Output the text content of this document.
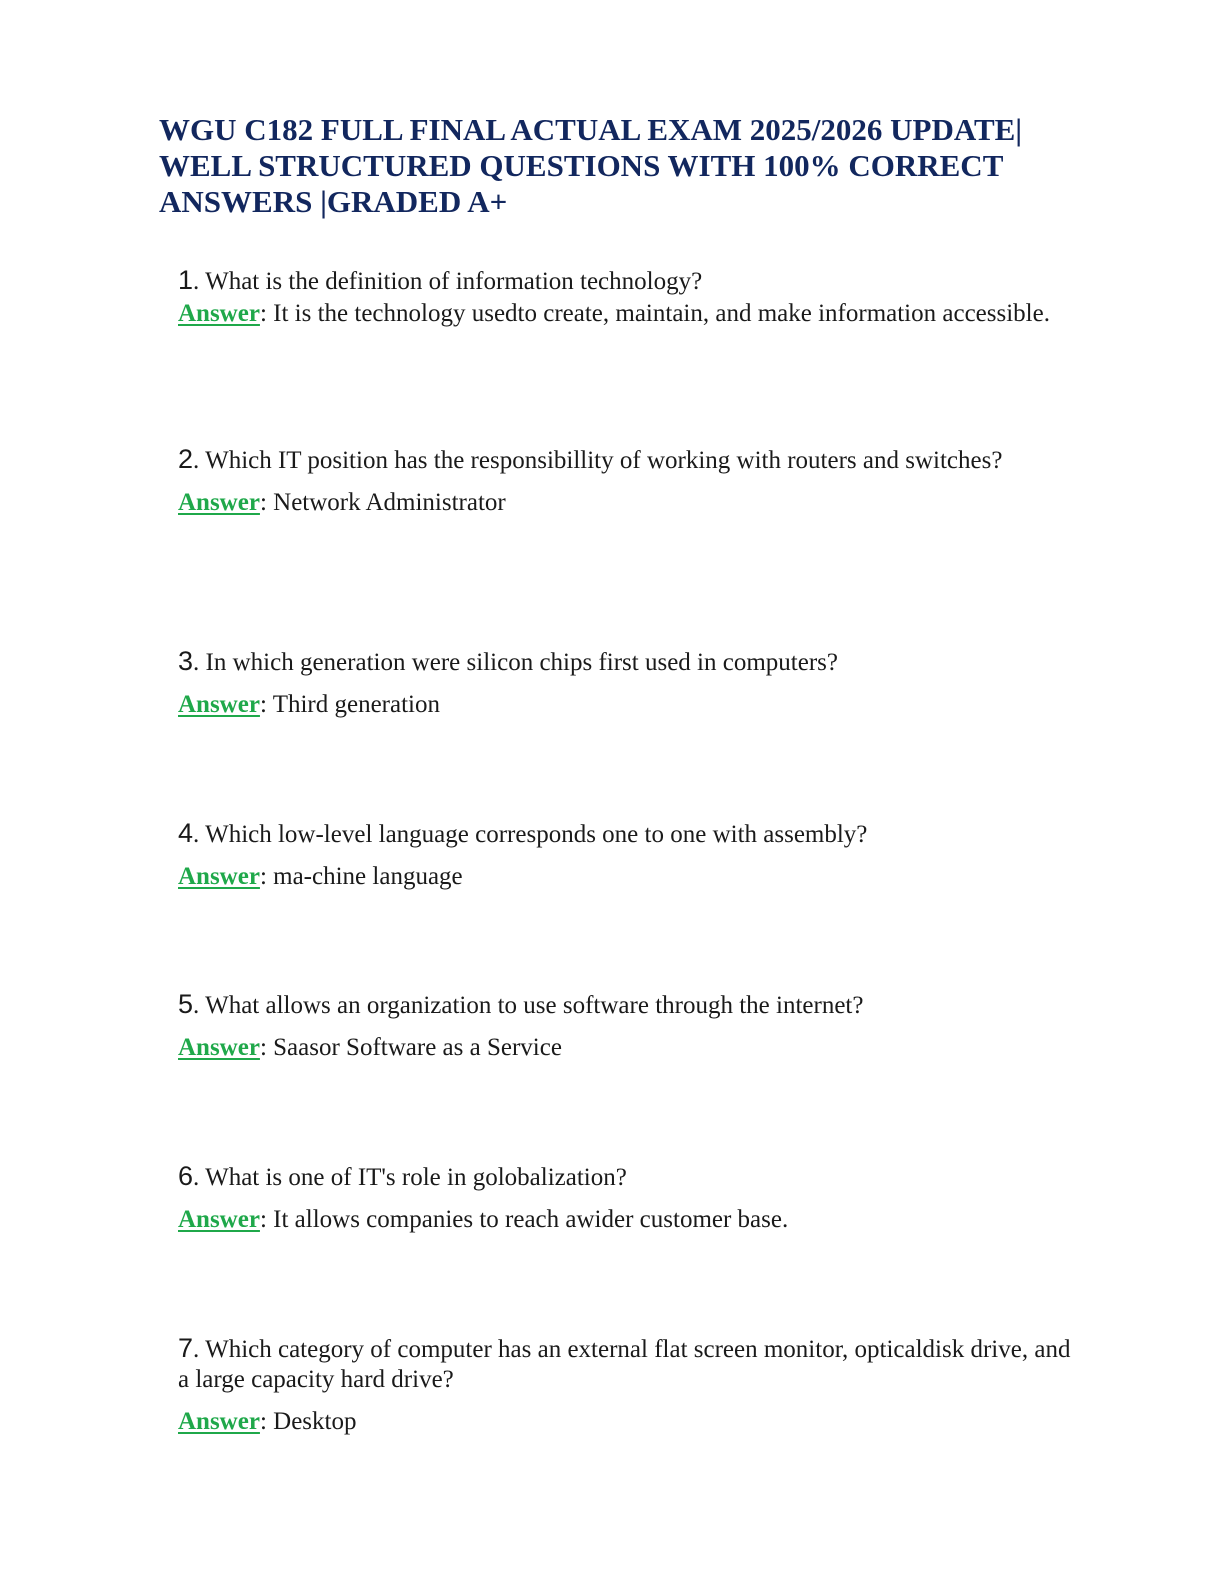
WGU C182 FULL FINAL ACTUAL EXAM 2025/2026 UPDATE| WELL STRUCTURED QUESTIONS WITH 100% CORRECT ANSWERS |GRADED A+
1. What is the definition of information technology?
Answer: It is the technology usedto create, maintain, and make information accessible.
2. Which IT position has the responsibillity of working with routers and switches?
Answer: Network Administrator
3. In which generation were silicon chips first used in computers?
Answer: Third generation
4. Which low-level language corresponds one to one with assembly?
Answer: ma-chine language
5. What allows an organization to use software through the internet?
Answer: Saasor Software as a Service
6. What is one of IT's role in golobalization?
Answer: It allows companies to reach awider customer base.
7. Which category of computer has an external flat screen monitor, opticaldisk drive, and a large capacity hard drive?
Answer: Desktop
